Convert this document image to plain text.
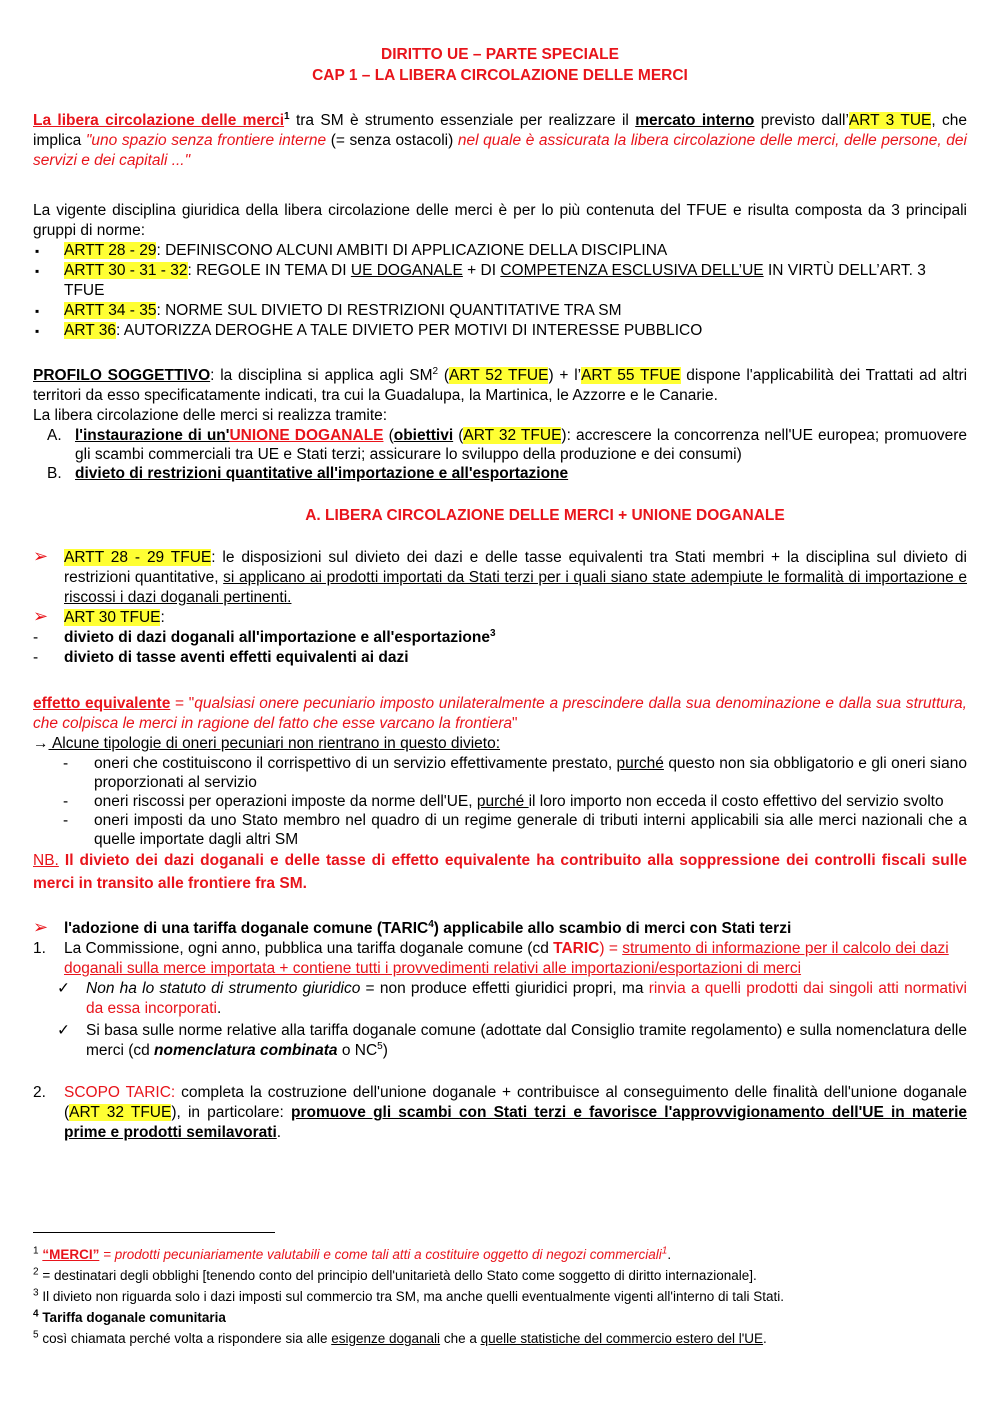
DIRITTO UE – PARTE SPECIALE

CAP 1 – LA LIBERA CIRCOLAZIONE DELLE MERCI

La libera circolazione delle merci$^1$ tra SM è strumento essenziale per realizzare il mercato interno previsto dall’ART 3 TUE, che implica "uno spazio senza frontiere interne (= senza ostacoli) nel quale è assicurata la libera circolazione delle merci, delle persone, dei servizi e dei capitali ..."

La vigente disciplina giuridica della libera circolazione delle merci è per lo più contenuta del TFUE e risulta composta da 3 principali gruppi di norme:

▪ ARTT 28 - 29: DEFINISCONO ALCUNI AMBITI DI APPLICAZIONE DELLA DISCIPLINA
▪ ARTT 30 - 31 - 32: REGOLE IN TEMA DI UE DOGANALE + DI COMPETENZA ESCLUSIVA DELL’UE IN VIRTÙ DELL’ART. 3 TFUE
▪ ARTT 34 - 35: NORME SUL DIVIETO DI RESTRIZIONI QUANTITATIVE TRA SM
▪ ART 36: AUTORIZZA DEROGHE A TALE DIVIETO PER MOTIVI DI INTERESSE PUBBLICO

PROFILO SOGGETTIVO: la disciplina si applica agli $SM^2$ (ART 52 TFUE) + l’ART 55 TFUE dispone l'applicabilità dei Trattati ad altri territori da esso specificatamente indicati, tra cui la Guadalupa, la Martinica, le Azzorre e le Canarie.

La libera circolazione delle merci si realizza tramite:

A. l'instaurazione di un'UNIONE DOGANALE (obiettivi (ART 32 TFUE): accrescere la concorrenza nell'UE europea; promuovere gli scambi commerciali tra UE e Stati terzi; assicurare lo sviluppo della produzione e dei consumi)
B. divieto di restrizioni quantitative all'importazione e all'esportazione

A. LIBERA CIRCOLAZIONE DELLE MERCI + UNIONE DOGANALE

➢ ARTT 28 - 29 TFUE: le disposizioni sul divieto dei dazi e delle tasse equivalenti tra Stati membri + la disciplina sul divieto di restrizioni quantitative, si applicano ai prodotti importati da Stati terzi per i quali siano state adempiute le formalità di importazione e riscossi i dazi doganali pertinenti.
➢ ART 30 TFUE:
- divieto di dazi doganali all'importazione e all'esportazione$^3$
- divieto di tasse aventi effetti equivalenti ai dazi

effetto equivalente = "qualsiasi onere pecuniario imposto unilateralmente a prescindere dalla sua denominazione e dalla sua struttura, che colpisca le merci in ragione del fatto che esse varcano la frontiera"

→ Alcune tipologie di oneri pecuniari non rientrano in questo divieto:

- oneri che costituiscono il corrispettivo di un servizio effettivamente prestato, purché questo non sia obbligatorio e gli oneri siano proporzionati al servizio
- oneri riscossi per operazioni imposte da norme dell'UE, purché il loro importo non ecceda il costo effettivo del servizio svolto
- oneri imposti da uno Stato membro nel quadro di un regime generale di tributi interni applicabili sia alle merci nazionali che a quelle importate dagli altri SM

NB. Il divieto dei dazi doganali e delle tasse di effetto equivalente ha contribuito alla soppressione dei controlli fiscali sulle merci in transito alle frontiere fra SM.

➢ l'adozione di una tariffa doganale comune (TARIC$^4$) applicabile allo scambio di merci con Stati terzi
1. La Commissione, ogni anno, pubblica una tariffa doganale comune (cd TARIC) = strumento di informazione per il calcolo dei dazi doganali sulla merce importata + contiene tutti i provvedimenti relativi alle importazioni/esportazioni di merci
✓ Non ha lo statuto di strumento giuridico = non produce effetti giuridici propri, ma rinvia a quelli prodotti dai singoli atti normativi da essa incorporati.
✓ Si basa sulle norme relative alla tariffa doganale comune (adottate dal Consiglio tramite regolamento) e sulla nomenclatura delle merci (cd nomenclatura combinata o $NC^5$)
2. SCOPO TARIC: completa la costruzione dell'unione doganale + contribuisce al conseguimento delle finalità dell'unione doganale (ART 32 TFUE), in particolare: promuove gli scambi con Stati terzi e favorisce l'approvvigionamento dell'UE in materie prime e prodotti semilavorati.

$^1$ “MERCI” = prodotti pecuniariamente valutabili e come tali atti a costituire oggetto di negozi commerciali$^1$.

$^2$ = destinatari degli obblighi [tenendo conto del principio dell'unitarietà dello Stato come soggetto di diritto internazionale].

$^3$ Il divieto non riguarda solo i dazi imposti sul commercio tra SM, ma anche quelli eventualmente vigenti all'interno di tali Stati.

$^4$ Tariffa doganale comunitaria

$^5$ così chiamata perché volta a rispondere sia alle esigenze doganali che a quelle statistiche del commercio estero del l'UE.
